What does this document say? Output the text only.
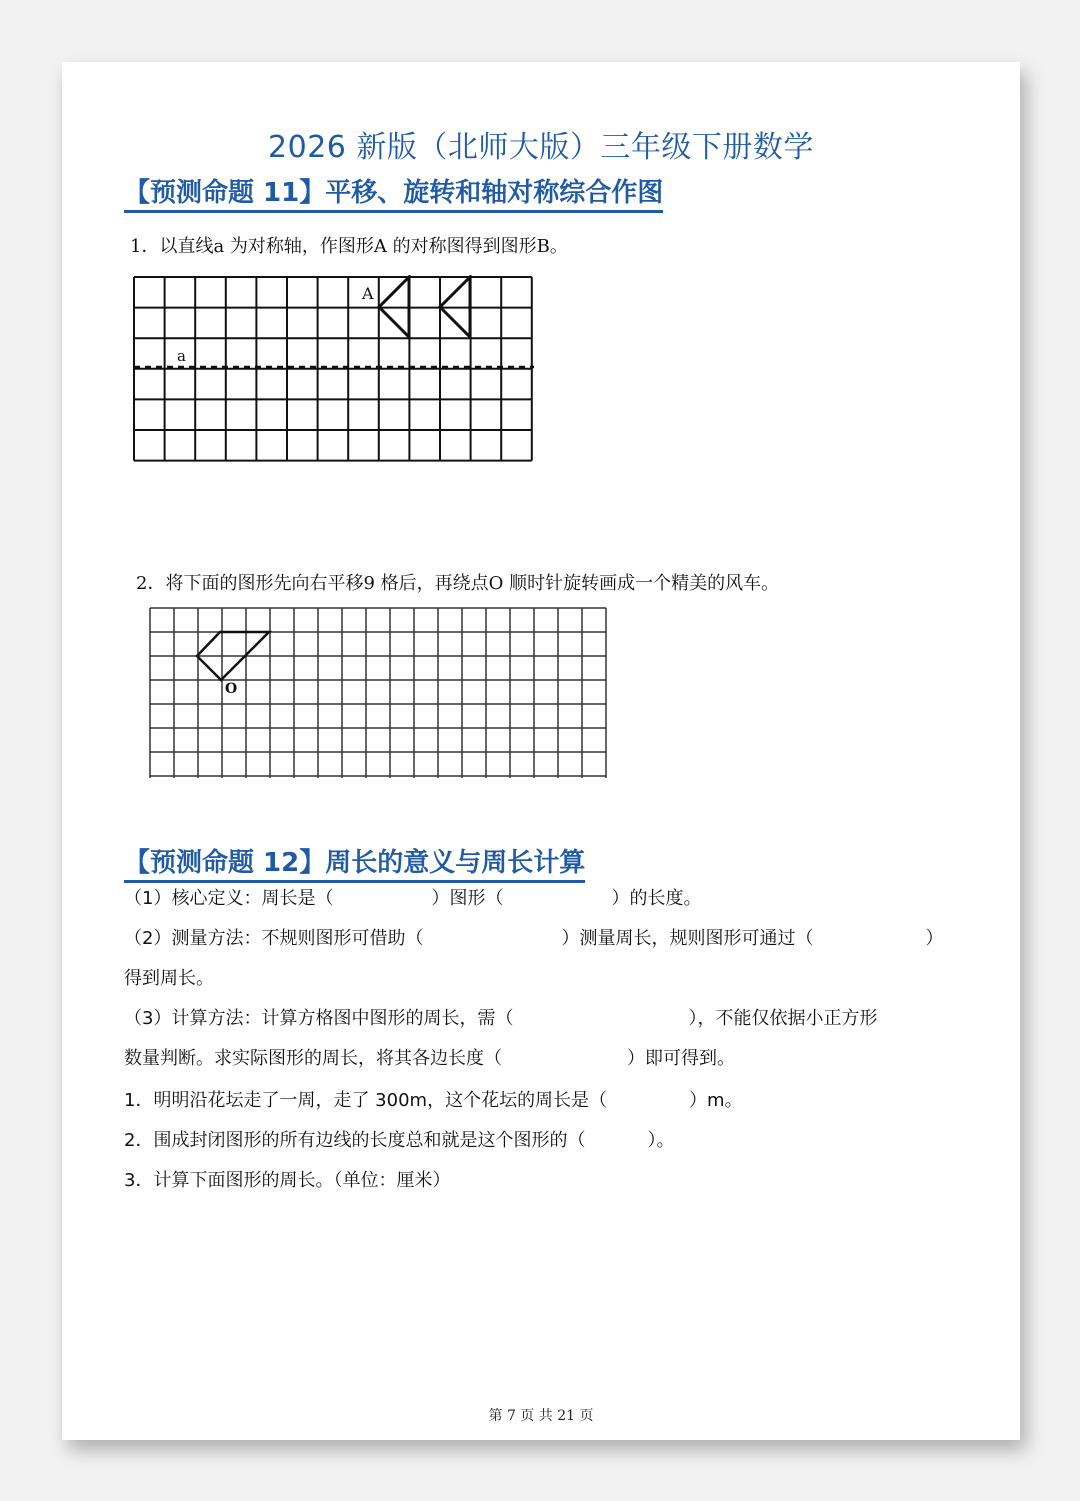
2026 新版（北师大版）三年级下册数学
【预测命题 11】平移、旋转和轴对称综合作图
1．以直线a 为对称轴，作图形A 的对称图得到图形B。
A
a
2．将下面的图形先向右平移9 格后，再绕点O 顺时针旋转画成一个精美的风车。
O
【预测命题 12】周长的意义与周长计算
（1）核心定义：周长是（	）图形（	）的长度。
（2）测量方法：不规则图形可借助（	）测量周长，规则图形可通过（	）
得到周长。
（3）计算方法：计算方格图中图形的周长，需（	），不能仅依据小正方形
数量判断。求实际图形的周长，将其各边长度（	）即可得到。
1．明明沿花坛走了一周，走了 300m，这个花坛的周长是（	）m。
2．围成封闭图形的所有边线的长度总和就是这个图形的（	）。
3．计算下面图形的周长。（单位：厘米）
第 7 页 共 21 页
